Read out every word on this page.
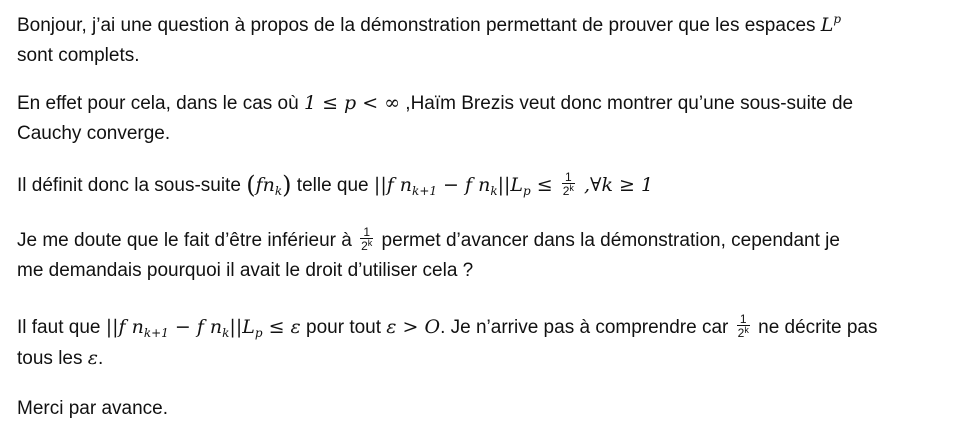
Bonjour, j’ai une question à propos de la démonstration permettant de prouver que les espaces $L^p$
sont complets.

En effet pour cela, dans le cas où 1 ≤ p < ∞ ,Haïm Brezis veut donc montrer qu’une sous-suite de
Cauchy converge.

Il définit donc la sous-suite $(fn_k)$ telle que ||f $n_{k+1} - f$ $n_k||L_p \le \frac{1}{2^k}$ ,∀k ≥ 1

Je me doute que le fait d’être inférieur à $\frac{1}{2^k}$ permet d’avancer dans la démonstration, cependant je
me demandais pourquoi il avait le droit d’utiliser cela ?

Il faut que ||f $n_{k+1} - f$ $n_k||L_p \le \varepsilon$ pour tout ε > O. Je n’arrive pas à comprendre car $\frac{1}{2^k}$ ne décrite pas
tous les ε.

Merci par avance.
